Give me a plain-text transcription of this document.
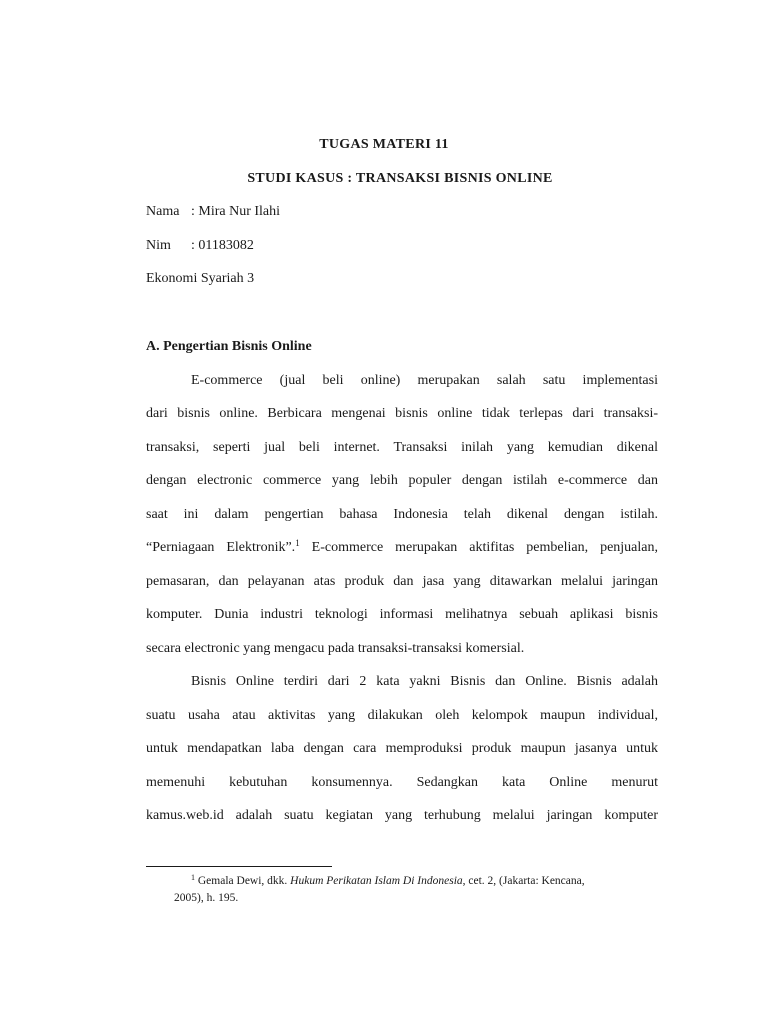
TUGAS MATERI 11
STUDI KASUS : TRANSAKSI BISNIS ONLINE
Nama : Mira Nur Ilahi
Nim : 01183082
Ekonomi Syariah 3
A. Pengertian Bisnis Online
E-commerce (jual beli online) merupakan salah satu implementasi
dari bisnis online. Berbicara mengenai bisnis online tidak terlepas dari transaksi-
transaksi, seperti jual beli internet. Transaksi inilah yang kemudian dikenal
dengan electronic commerce yang lebih populer dengan istilah e-commerce dan
saat ini dalam pengertian bahasa Indonesia telah dikenal dengan istilah.
“Perniagaan Elektronik”.$^1$ E-commerce merupakan aktifitas pembelian, penjualan,
pemasaran, dan pelayanan atas produk dan jasa yang ditawarkan melalui jaringan
komputer. Dunia industri teknologi informasi melihatnya sebuah aplikasi bisnis
secara electronic yang mengacu pada transaksi-transaksi komersial.
Bisnis Online terdiri dari 2 kata yakni Bisnis dan Online. Bisnis adalah
suatu usaha atau aktivitas yang dilakukan oleh kelompok maupun individual,
untuk mendapatkan laba dengan cara memproduksi produk maupun jasanya untuk
memenuhi kebutuhan konsumennya. Sedangkan kata Online menurut
kamus.web.id adalah suatu kegiatan yang terhubung melalui jaringan komputer
$^1$ Gemala Dewi, dkk. Hukum Perikatan Islam Di Indonesia, cet. 2, (Jakarta: Kencana,
2005), h. 195.
